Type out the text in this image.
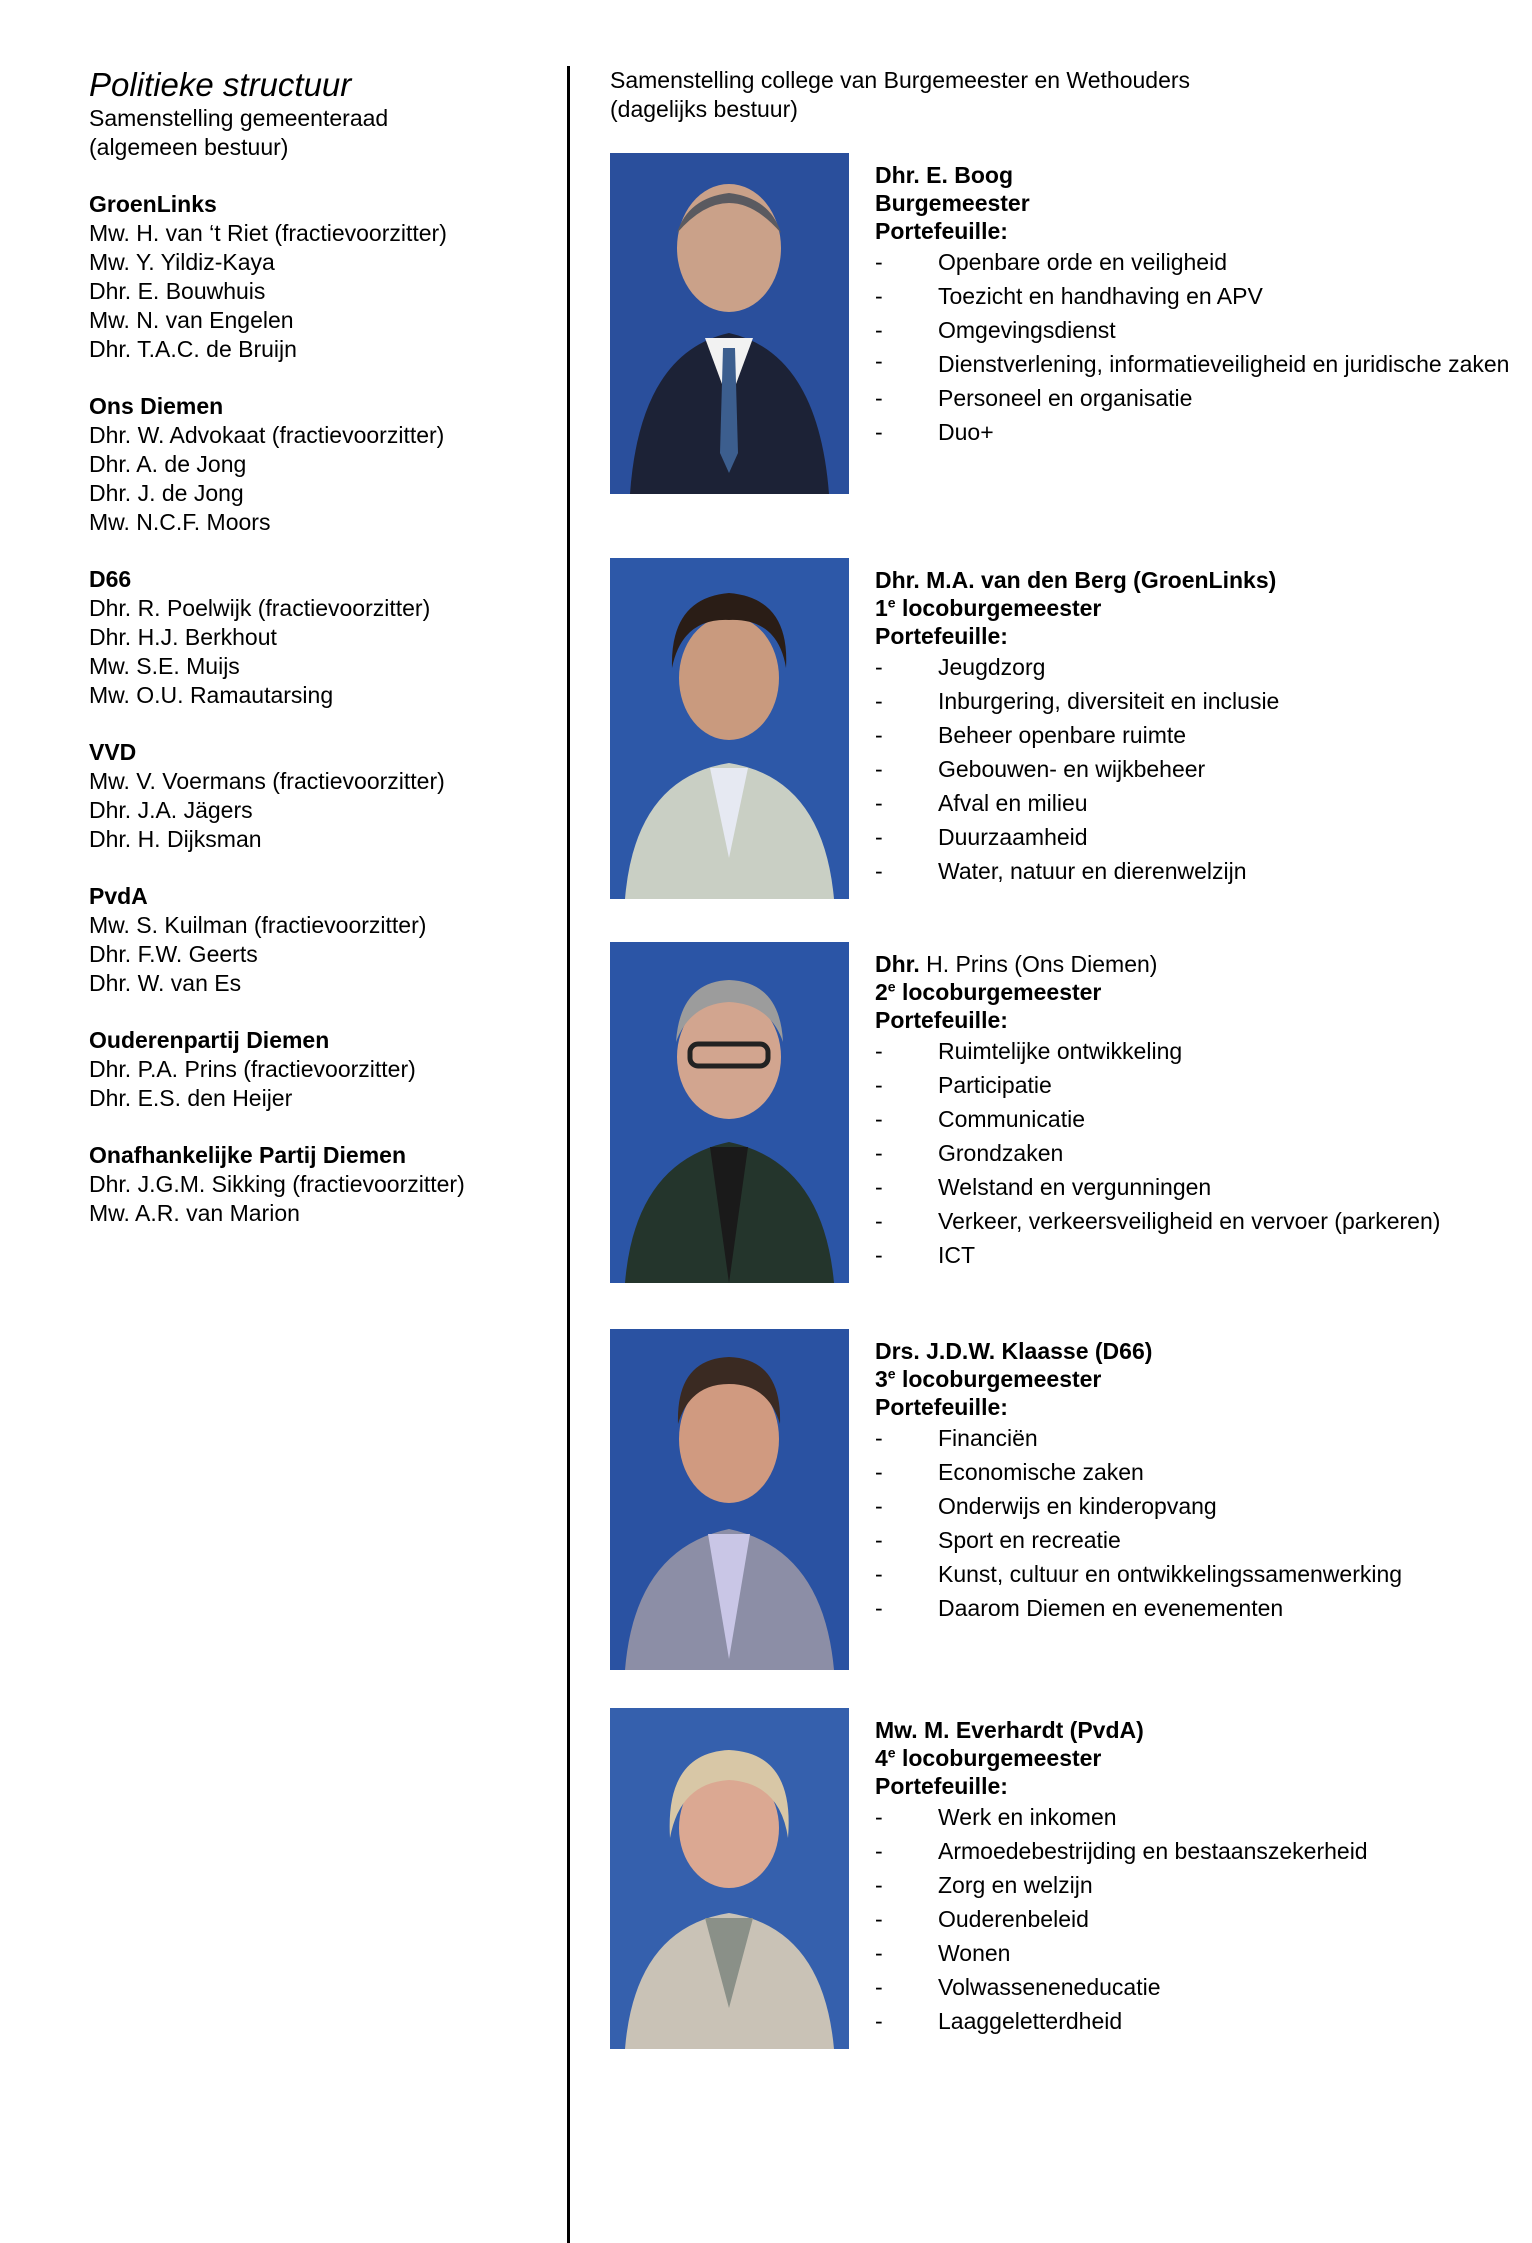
Politieke structuur
Samenstelling gemeenteraad
(algemeen bestuur)
GroenLinks
Mw. H. van ‘t Riet (fractievoorzitter)
Mw. Y. Yildiz-Kaya
Dhr. E. Bouwhuis
Mw. N. van Engelen
Dhr. T.A.C. de Bruijn
Ons Diemen
Dhr. W. Advokaat (fractievoorzitter)
Dhr. A. de Jong
Dhr. J. de Jong
Mw. N.C.F. Moors
D66
Dhr. R. Poelwijk (fractievoorzitter)
Dhr. H.J. Berkhout
Mw. S.E. Muijs
Mw. O.U. Ramautarsing
VVD
Mw. V. Voermans (fractievoorzitter)
Dhr. J.A. Jägers
Dhr. H. Dijksman
PvdA
Mw. S. Kuilman (fractievoorzitter)
Dhr. F.W. Geerts
Dhr. W. van Es
Ouderenpartij Diemen
Dhr. P.A. Prins (fractievoorzitter)
Dhr. E.S. den Heijer
Onafhankelijke Partij Diemen
Dhr. J.G.M. Sikking (fractievoorzitter)
Mw. A.R. van Marion
Samenstelling college van Burgemeester en Wethouders
(dagelijks bestuur)
Dhr. E. Boog
Burgemeester
Portefeuille:
- Openbare orde en veiligheid
- Toezicht en handhaving en APV
- Omgevingsdienst
- Dienstverlening, informatieveiligheid en juridische zaken
- Personeel en organisatie
- Duo+
Dhr. M.A. van den Berg (GroenLinks)
1e locoburgemeester
Portefeuille:
- Jeugdzorg
- Inburgering, diversiteit en inclusie
- Beheer openbare ruimte
- Gebouwen- en wijkbeheer
- Afval en milieu
- Duurzaamheid
- Water, natuur en dierenwelzijn
Dhr. H. Prins (Ons Diemen)
2e locoburgemeester
Portefeuille:
- Ruimtelijke ontwikkeling
- Participatie
- Communicatie
- Grondzaken
- Welstand en vergunningen
- Verkeer, verkeersveiligheid en vervoer (parkeren)
- ICT
Drs. J.D.W. Klaasse (D66)
3e locoburgemeester
Portefeuille:
- Financiën
- Economische zaken
- Onderwijs en kinderopvang
- Sport en recreatie
- Kunst, cultuur en ontwikkelingssamenwerking
- Daarom Diemen en evenementen
Mw. M. Everhardt (PvdA)
4e locoburgemeester
Portefeuille:
- Werk en inkomen
- Armoedebestrijding en bestaanszekerheid
- Zorg en welzijn
- Ouderenbeleid
- Wonen
- Volwasseneneducatie
- Laaggeletterdheid
